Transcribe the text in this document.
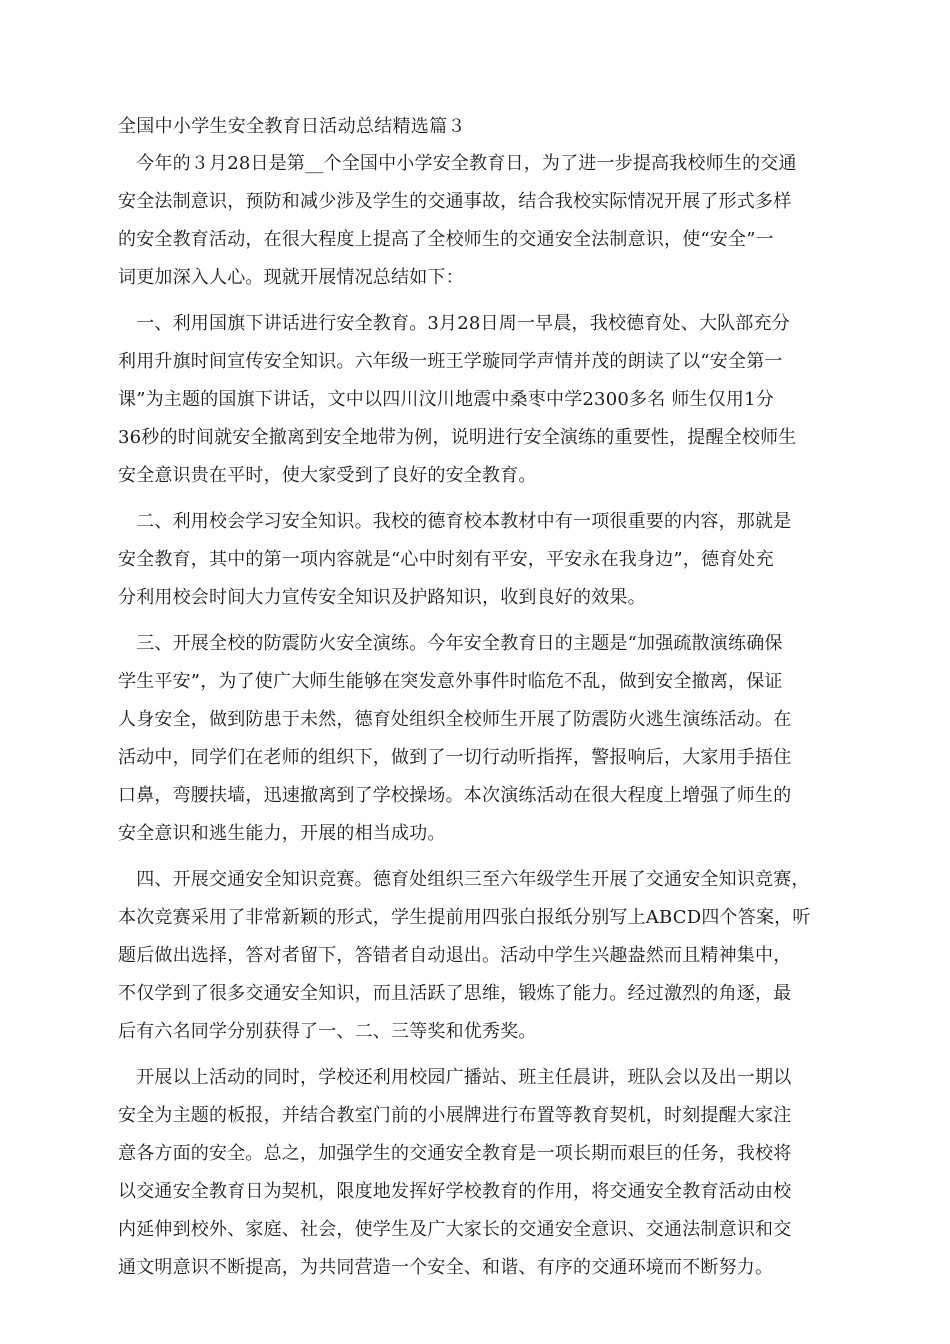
全国中小学生安全教育日活动总结精选篇３
　今年的３月28日是第__个全国中小学安全教育日，为了进一步提高我校师生的交通
安全法制意识，预防和减少涉及学生的交通事故，结合我校实际情况开展了形式多样
的安全教育活动，在很大程度上提高了全校师生的交通安全法制意识，使“安全”一
词更加深入人心。现就开展情况总结如下：
　一、利用国旗下讲话进行安全教育。3月28日周一早晨，我校德育处、大队部充分
利用升旗时间宣传安全知识。六年级一班王学璇同学声情并茂的朗读了以“安全第一
课”为主题的国旗下讲话，文中以四川汶川地震中桑枣中学2300多名 师生仅用1分
36秒的时间就安全撤离到安全地带为例，说明进行安全演练的重要性，提醒全校师生
安全意识贵在平时，使大家受到了良好的安全教育。
　二、利用校会学习安全知识。我校的德育校本教材中有一项很重要的内容，那就是
安全教育，其中的第一项内容就是“心中时刻有平安，平安永在我身边”，德育处充
分利用校会时间大力宣传安全知识及护路知识，收到良好的效果。
　三、开展全校的防震防火安全演练。今年安全教育日的主题是“加强疏散演练确保
学生平安”，为了使广大师生能够在突发意外事件时临危不乱，做到安全撤离，保证
人身安全，做到防患于未然，德育处组织全校师生开展了防震防火逃生演练活动。在
活动中，同学们在老师的组织下，做到了一切行动听指挥，警报响后，大家用手捂住
口鼻，弯腰扶墙，迅速撤离到了学校操场。本次演练活动在很大程度上增强了师生的
安全意识和逃生能力，开展的相当成功。
　四、开展交通安全知识竞赛。德育处组织三至六年级学生开展了交通安全知识竞赛，
本次竞赛采用了非常新颖的形式，学生提前用四张白报纸分别写上ABCD四个答案，听
题后做出选择，答对者留下，答错者自动退出。活动中学生兴趣盎然而且精神集中，
不仅学到了很多交通安全知识，而且活跃了思维，锻炼了能力。经过激烈的角逐，最
后有六名同学分别获得了一、二、三等奖和优秀奖。
　开展以上活动的同时，学校还利用校园广播站、班主任晨讲，班队会以及出一期以
安全为主题的板报，并结合教室门前的小展牌进行布置等教育契机，时刻提醒大家注
意各方面的安全。总之，加强学生的交通安全教育是一项长期而艰巨的任务，我校将
以交通安全教育日为契机，限度地发挥好学校教育的作用，将交通安全教育活动由校
内延伸到校外、家庭、社会，使学生及广大家长的交通安全意识、交通法制意识和交
通文明意识不断提高，为共同营造一个安全、和谐、有序的交通环境而不断努力。
